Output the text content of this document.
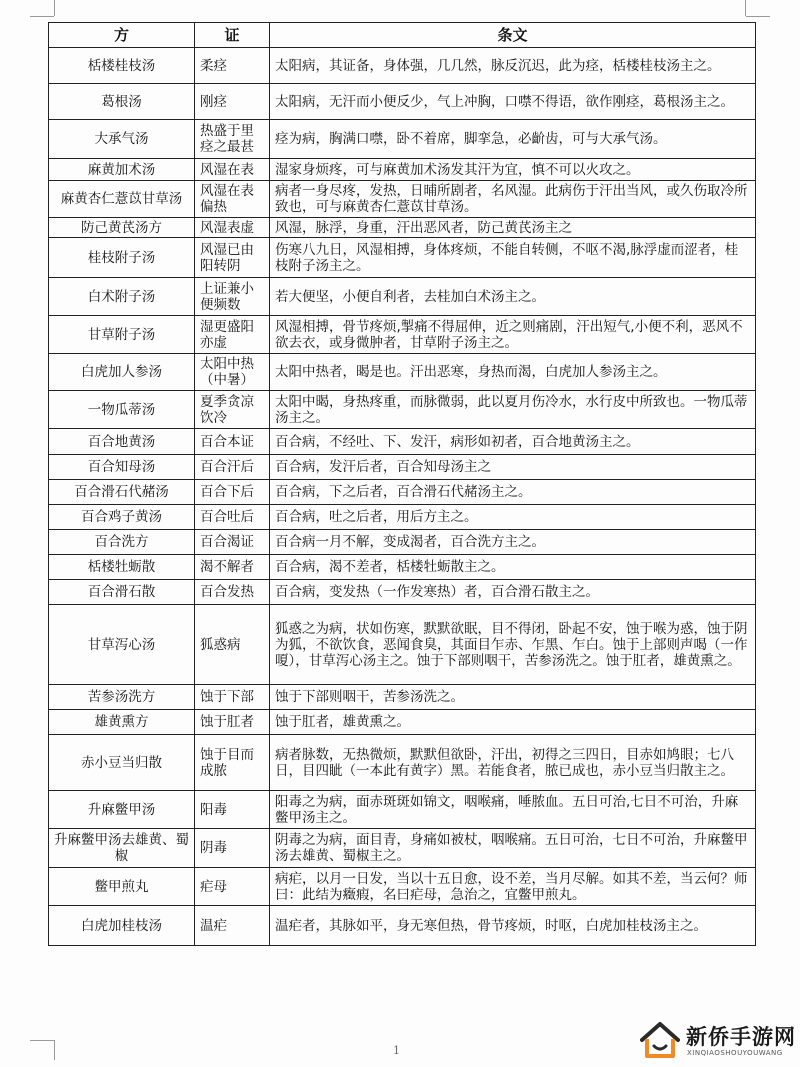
方	证	条文
栝楼桂枝汤	柔痉	太阳病，其证备，身体强，几几然，脉反沉迟，此为痉，栝楼桂枝汤主之。
葛根汤	刚痉	太阳病，无汗而小便反少，气上冲胸，口噤不得语，欲作刚痉，葛根汤主之。
大承气汤	热盛于里痉之最甚	痉为病，胸满口噤，卧不着席，脚挛急，必齘齿，可与大承气汤。
麻黄加术汤	风湿在表	湿家身烦疼，可与麻黄加术汤发其汗为宜，慎不可以火攻之。
麻黄杏仁薏苡甘草汤	风湿在表偏热	病者一身尽疼，发热，日晡所剧者，名风湿。此病伤于汗出当风，或久伤取冷所致也，可与麻黄杏仁薏苡甘草汤。
防己黄芪汤方	风湿表虚	风湿，脉浮，身重，汗出恶风者，防己黄芪汤主之
桂枝附子汤	风湿已由阳转阴	伤寒八九日，风湿相搏，身体疼烦，不能自转侧，不呕不渴,脉浮虚而涩者，桂枝附子汤主之。
白术附子汤	上证兼小便频数	若大便坚，小便自利者，去桂加白术汤主之。
甘草附子汤	湿更盛阳亦虚	风湿相搏，骨节疼烦,掣痛不得屈伸，近之则痛剧，汗出短气,小便不利，恶风不欲去衣，或身微肿者，甘草附子汤主之。
白虎加人参汤	太阳中热（中暑）	太阳中热者，暍是也。汗出恶寒，身热而渴，白虎加人参汤主之。
一物瓜蒂汤	夏季贪凉饮冷	太阳中暍，身热疼重，而脉微弱，此以夏月伤冷水，水行皮中所致也。一物瓜蒂汤主之。
百合地黄汤	百合本证	百合病，不经吐、下、发汗，病形如初者，百合地黄汤主之。
百合知母汤	百合汗后	百合病，发汗后者，百合知母汤主之
百合滑石代赭汤	百合下后	百合病，下之后者，百合滑石代赭汤主之。
百合鸡子黄汤	百合吐后	百合病，吐之后者，用后方主之。
百合洗方	百合渴证	百合病一月不解，变成渴者，百合洗方主之。
栝楼牡蛎散	渴不解者	百合病，渴不差者，栝楼牡蛎散主之。
百合滑石散	百合发热	百合病，变发热（一作发寒热）者，百合滑石散主之。
甘草泻心汤	狐惑病	狐惑之为病，状如伤寒，默默欲眠，目不得闭，卧起不安，蚀于喉为惑，蚀于阴为狐，不欲饮食，恶闻食臭，其面目乍赤、乍黑、乍白。蚀于上部则声喝（一作嗄），甘草泻心汤主之。蚀于下部则咽干，苦参汤洗之。蚀于肛者，雄黄熏之。
苦参汤洗方	蚀于下部	蚀于下部则咽干，苦参汤洗之。
雄黄熏方	蚀于肛者	蚀于肛者，雄黄熏之。
赤小豆当归散	蚀于目而成脓	病者脉数，无热微烦，默默但欲卧，汗出，初得之三四日，目赤如鸠眼；七八日，目四眦（一本此有黄字）黑。若能食者，脓已成也，赤小豆当归散主之。
升麻鳖甲汤	阳毒	阳毒之为病，面赤斑斑如锦文，咽喉痛，唾脓血。五日可治,七日不可治，升麻鳖甲汤主之。
升麻鳖甲汤去雄黄、蜀椒	阴毒	阴毒之为病，面目青，身痛如被杖，咽喉痛。五日可治，七日不可治，升麻鳖甲汤去雄黄、蜀椒主之。
鳖甲煎丸	疟母	病疟，以月一日发，当以十五日愈，设不差，当月尽解。如其不差，当云何？师曰：此结为癥瘕，名曰疟母，急治之，宜鳖甲煎丸。
白虎加桂枝汤	温疟	温疟者，其脉如平，身无寒但热，骨节疼烦，时呕，白虎加桂枝汤主之。
1
新侨手游网
XINQIAOSHOUYOUWANG
